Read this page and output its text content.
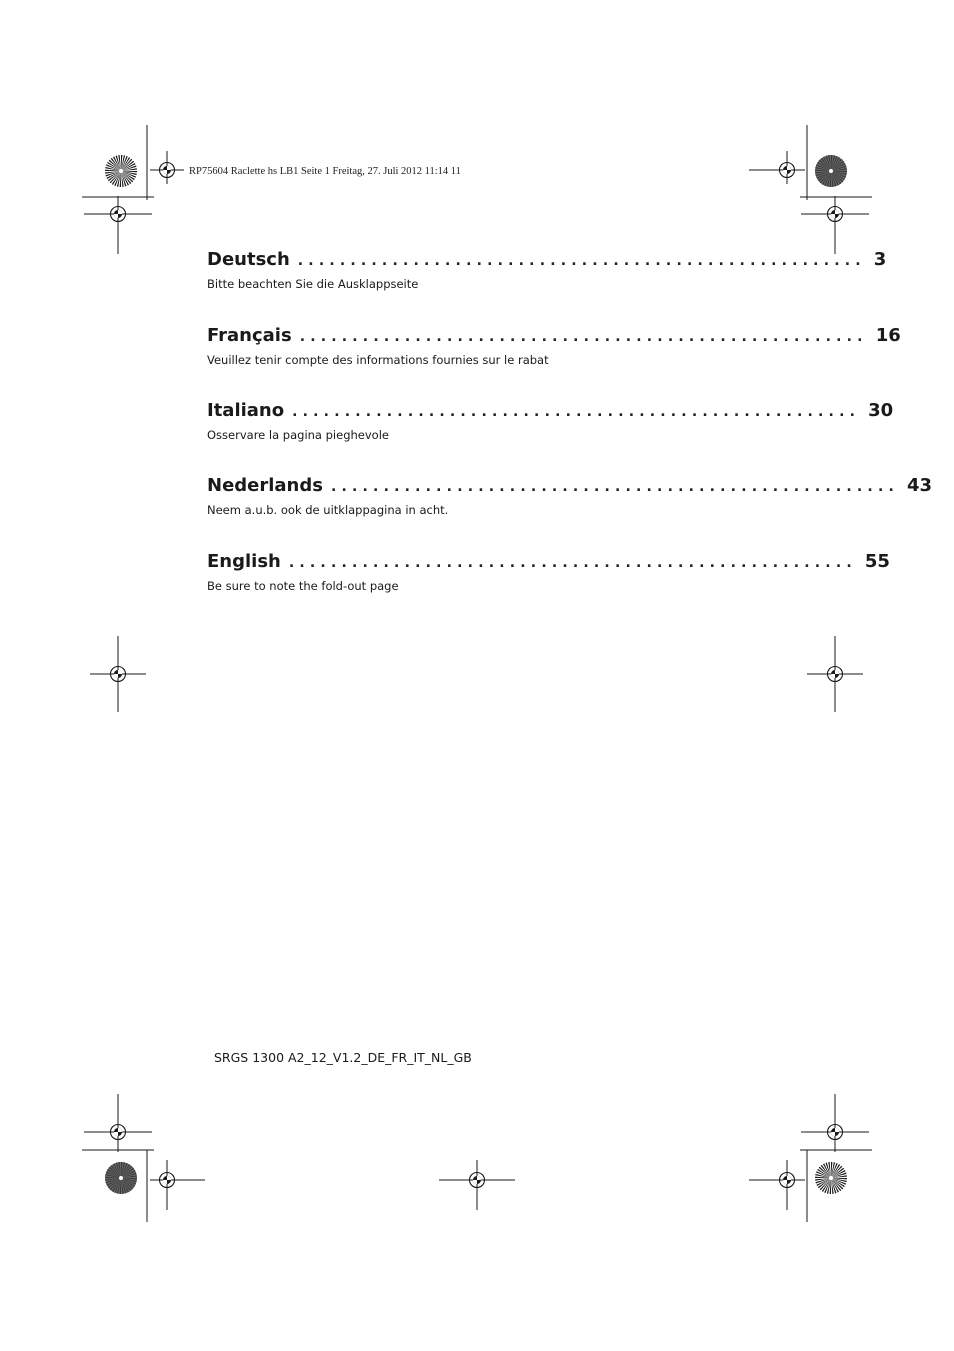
RP75604 Raclette hs LB1 Seite 1 Freitag, 27. Juli 2012 11:14 11
Deutsch ...................................................... 3
Bitte beachten Sie die Ausklappseite
Français ...................................................... 16
Veuillez tenir compte des informations fournies sur le rabat
Italiano ...................................................... 30
Osservare la pagina pieghevole
Nederlands ...................................................... 43
Neem a.u.b. ook de uitklappagina in acht.
English ...................................................... 55
Be sure to note the fold-out page
SRGS 1300 A2_12_V1.2_DE_FR_IT_NL_GB
